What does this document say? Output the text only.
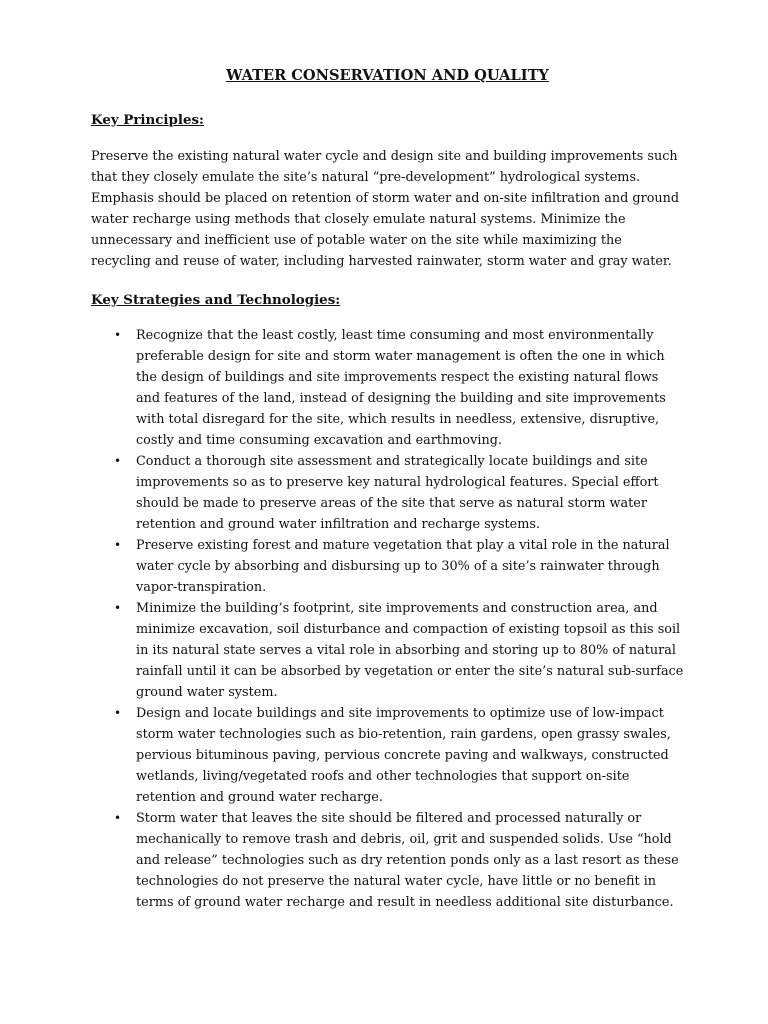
WATER CONSERVATION AND QUALITY
Key Principles:

Preserve the existing natural water cycle and design site and building improvements such that they closely emulate the site’s natural “pre-development” hydrological systems. Emphasis should be placed on retention of storm water and on-site infiltration and ground water recharge using methods that closely emulate natural systems. Minimize the unnecessary and inefficient use of potable water on the site while maximizing the recycling and reuse of water, including harvested rainwater, storm water and gray water.

Key Strategies and Technologies:
• Recognize that the least costly, least time consuming and most environmentally preferable design for site and storm water management is often the one in which the design of buildings and site improvements respect the existing natural flows and features of the land, instead of designing the building and site improvements with total disregard for the site, which results in needless, extensive, disruptive, costly and time consuming excavation and earthmoving.
• Conduct a thorough site assessment and strategically locate buildings and site improvements so as to preserve key natural hydrological features. Special effort should be made to preserve areas of the site that serve as natural storm water retention and ground water infiltration and recharge systems.
• Preserve existing forest and mature vegetation that play a vital role in the natural water cycle by absorbing and disbursing up to 30% of a site’s rainwater through vapor-transpiration.
• Minimize the building’s footprint, site improvements and construction area, and minimize excavation, soil disturbance and compaction of existing topsoil as this soil in its natural state serves a vital role in absorbing and storing up to 80% of natural rainfall until it can be absorbed by vegetation or enter the site’s natural sub-surface ground water system.
• Design and locate buildings and site improvements to optimize use of low-impact storm water technologies such as bio-retention, rain gardens, open grassy swales, pervious bituminous paving, pervious concrete paving and walkways, constructed wetlands, living/vegetated roofs and other technologies that support on-site retention and ground water recharge.
• Storm water that leaves the site should be filtered and processed naturally or mechanically to remove trash and debris, oil, grit and suspended solids. Use “hold and release” technologies such as dry retention ponds only as a last resort as these technologies do not preserve the natural water cycle, have little or no benefit in terms of ground water recharge and result in needless additional site disturbance.
